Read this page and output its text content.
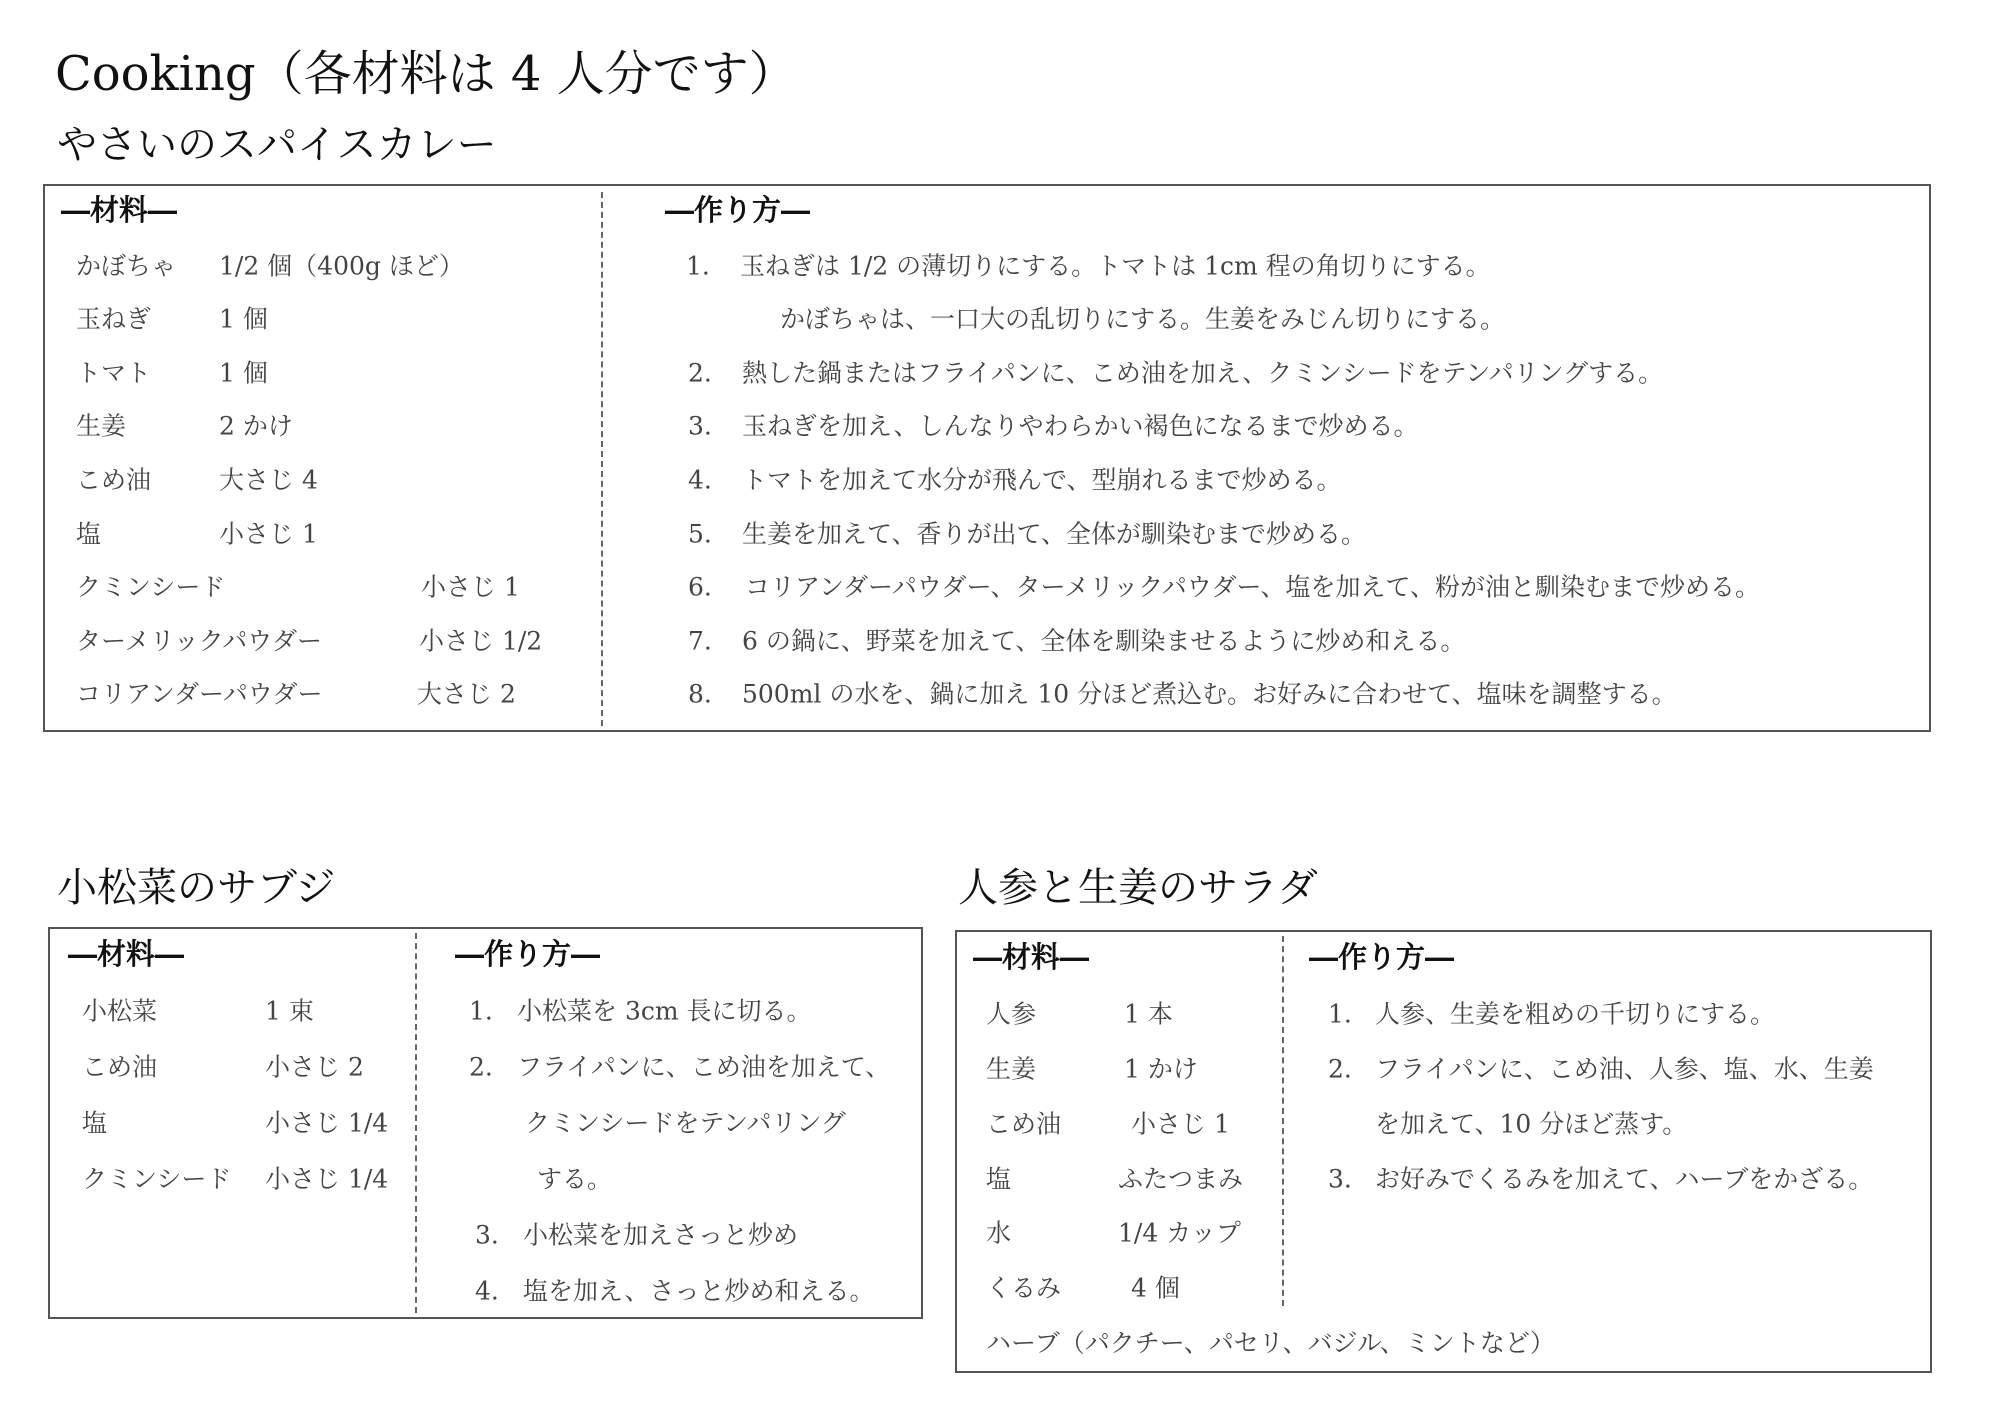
Cooking（各材料は 4 人分です）
やさいのスパイスカレー
―材料―	―作り方―
かぼちゃ 1/2 個（400g ほど）
玉ねぎ	1 個
トマト	1 個
生姜	2 かけ
こめ油	大さじ 4
塩	小さじ 1
クミンシード	小さじ 1
ターメリックパウダー	小さじ 1/2
コリアンダーパウダー	大さじ 2
1. 玉ねぎは 1/2 の薄切りにする。トマトは 1cm 程の角切りにする。
かぼちゃは、一口大の乱切りにする。生姜をみじん切りにする。
2. 熱した鍋またはフライパンに、こめ油を加え、クミンシードをテンパリングする。
3. 玉ねぎを加え、しんなりやわらかい褐色になるまで炒める。
4. トマトを加えて水分が飛んで、型崩れるまで炒める。
5. 生姜を加えて、香りが出て、全体が馴染むまで炒める。
6. コリアンダーパウダー、ターメリックパウダー、塩を加えて、粉が油と馴染むまで炒める。
7. 6 の鍋に、野菜を加えて、全体を馴染ませるように炒め和える。
8. 500ml の水を、鍋に加え 10 分ほど煮込む。お好みに合わせて、塩味を調整する。
小松菜のサブジ
―材料―	―作り方―
小松菜	1 束
こめ油	小さじ 2
塩	小さじ 1/4
クミンシード 小さじ 1/4
1. 小松菜を 3cm 長に切る。
2. フライパンに、こめ油を加えて、
クミンシードをテンパリング
する。
3. 小松菜を加えさっと炒め
4. 塩を加え、さっと炒め和える。
人参と生姜のサラダ
―材料―	―作り方―
人参	1 本
生姜	1 かけ
こめ油	小さじ 1
塩	ふたつまみ
水	1/4 カップ
くるみ	4 個
ハーブ（パクチー、パセリ、バジル、ミントなど）
1. 人参、生姜を粗めの千切りにする。
2. フライパンに、こめ油、人参、塩、水、生姜
を加えて、10 分ほど蒸す。
3. お好みでくるみを加えて、ハーブをかざる。
